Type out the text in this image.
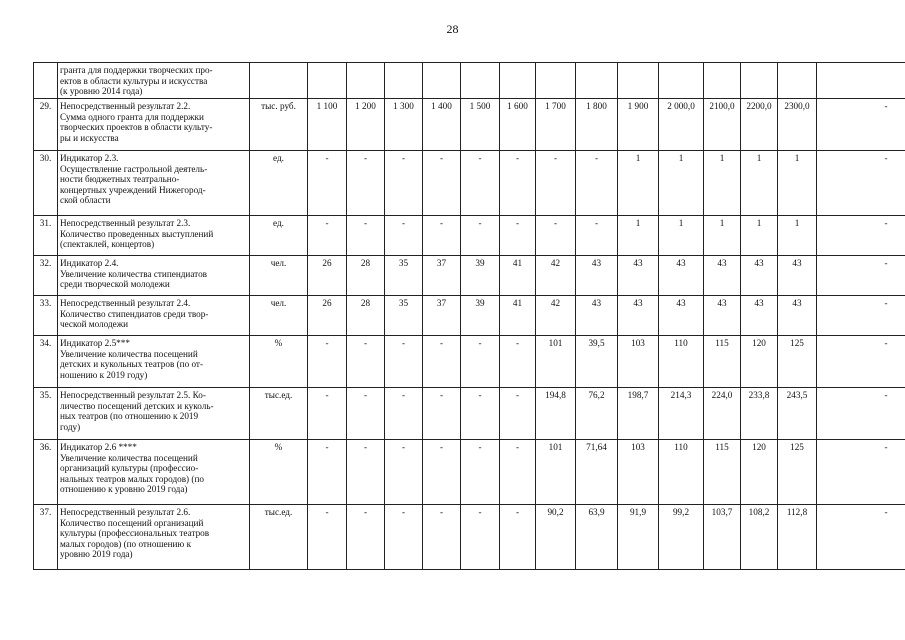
28

	гранта для поддержки творческих про-
ектов в области культуры и искусства
(к уровню 2014 года)															

29.	Непосредственный результат 2.2.
Сумма одного гранта для поддержки
творческих проектов в области культу-
ры и искусства	тыс. руб.	1 100	1 200	1 300	1 400	1 500	1 600	1 700	1 800	1 900	2 000,0	2100,0	2200,0	2300,0	-
30.	Индикатор 2.3.
Осуществление гастрольной деятель-
ности бюджетных театрально-
концертных учреждений Нижегород-
ской области	ед.	-	-	-	-	-	-	-	-	1	1	1	1	1	-
31.	Непосредственный результат 2.3.
Количество проведенных выступлений
(спектаклей, концертов)	ед.	-	-	-	-	-	-	-	-	1	1	1	1	1	-
32.	Индикатор 2.4.
Увеличение количества стипендиатов
среди творческой молодежи	чел.	26	28	35	37	39	41	42	43	43	43	43	43	43	-
33.	Непосредственный результат 2.4.
Количество стипендиатов среди твор-
ческой молодежи	чел.	26	28	35	37	39	41	42	43	43	43	43	43	43	-
34.	Индикатор 2.5***
Увеличение количества посещений
детских и кукольных театров (по от-
ношению к 2019 году)	%	-	-	-	-	-	-	101	39,5	103	110	115	120	125	-
35.	Непосредственный результат 2.5. Ко-
личество посещений детских и куколь-
ных театров (по отношению к 2019
году)	тыс.ед.	-	-	-	-	-	-	194,8	76,2	198,7	214,3	224,0	233,8	243,5	-
36.	Индикатор 2.6 ****
Увеличение количества посещений
организаций культуры (профессио-
нальных театров малых городов) (по
отношению к уровню 2019 года)	%	-	-	-	-	-	-	101	71,64	103	110	115	120	125	-
37.	Непосредственный результат 2.6.
Количество посещений организаций
культуры (профессиональных театров
малых городов) (по отношению к
уровню 2019 года)	тыс.ед.	-	-	-	-	-	-	90,2	63,9	91,9	99,2	103,7	108,2	112,8	-
